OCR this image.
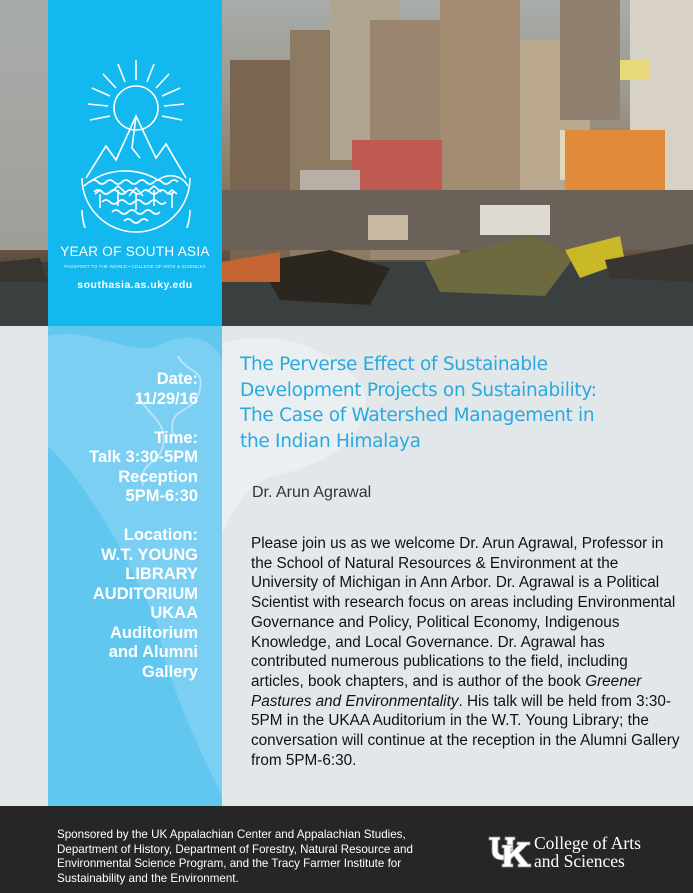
YEAR OF SOUTH ASIA
PASSPORT TO THE WORLD • COLLEGE OF ARTS & SCIENCES
southasia.as.uky.edu
Date:
11/29/16
Time:
Talk 3:30-5PM
Reception
5PM-6:30
Location:
W.T. YOUNG
LIBRARY
AUDITORIUM
UKAA
Auditorium
and Alumni
Gallery
The Perverse Effect of Sustainable
Development Projects on Sustainability:
The Case of Watershed Management in
the Indian Himalaya
Dr. Arun Agrawal
Please join us as we welcome Dr. Arun Agrawal, Professor in the School of Natural Resources & Environment at the University of Michigan in Ann Arbor. Dr. Agrawal is a Political Scientist with research focus on areas including Environmental Governance and Policy, Political Economy, Indigenous Knowledge, and Local Governance. Dr. Agrawal has contributed numerous publications to the field, including articles, book chapters, and is author of the book Greener Pastures and Environmentality. His talk will be held from 3:30-5PM in the UKAA Auditorium in the W.T. Young Library; the conversation will continue at the reception in the Alumni Gallery from 5PM-6:30.
Sponsored by the UK Appalachian Center and Appalachian Studies, Department of History, Department of Forestry, Natural Resource and Environmental Science Program, and the Tracy Farmer Institute for Sustainability and the Environment.
College of Arts
and Sciences
